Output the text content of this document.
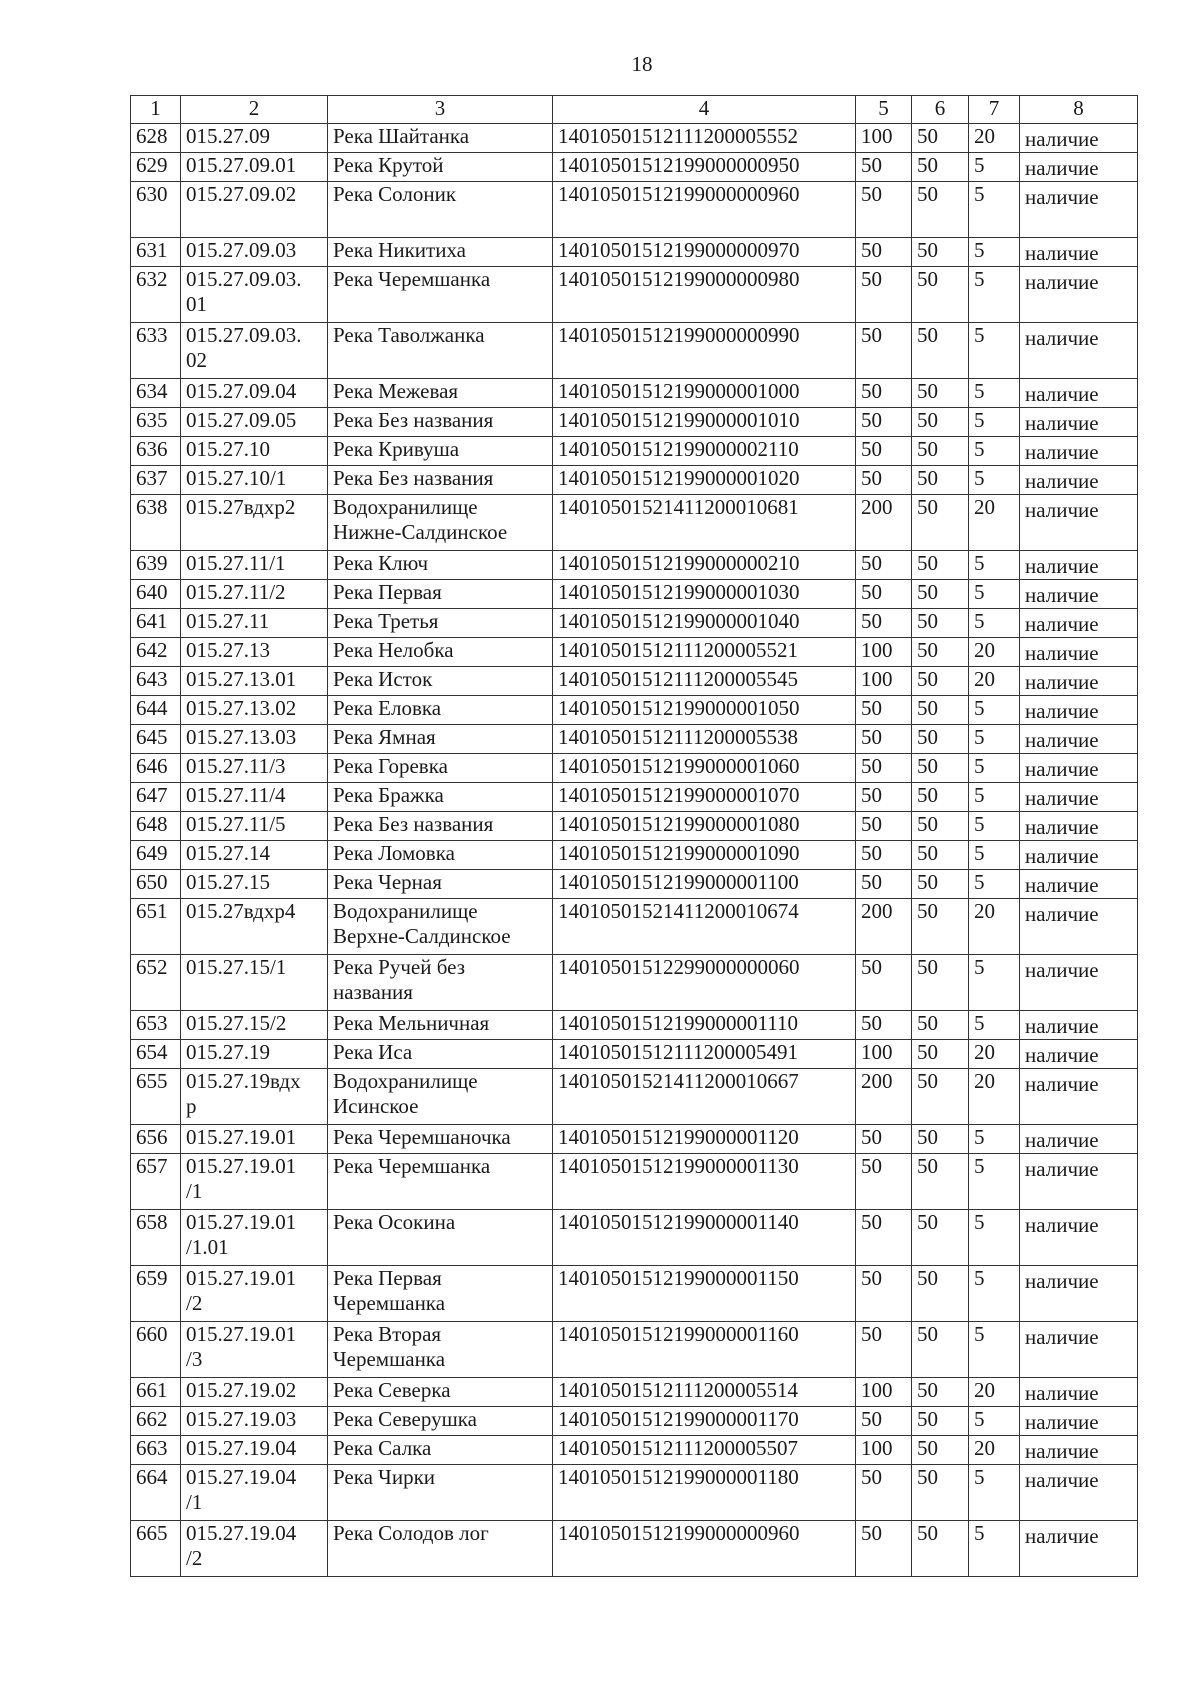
18
1	2	3	4	5	6	7	8
628	015.27.09	Река Шайтанка	14010501512111200005552	100	50	20	наличие
629	015.27.09.01	Река Крутой	14010501512199000000950	50	50	5	наличие
630	015.27.09.02	Река Солоник	14010501512199000000960	50	50	5	наличие
631	015.27.09.03	Река Никитиха	14010501512199000000970	50	50	5	наличие
632	015.27.09.03.
01	Река Черемшанка	14010501512199000000980	50	50	5	наличие
633	015.27.09.03.
02	Река Таволжанка	14010501512199000000990	50	50	5	наличие
634	015.27.09.04	Река Межевая	14010501512199000001000	50	50	5	наличие
635	015.27.09.05	Река Без названия	14010501512199000001010	50	50	5	наличие
636	015.27.10	Река Кривуша	14010501512199000002110	50	50	5	наличие
637	015.27.10/1	Река Без названия	14010501512199000001020	50	50	5	наличие
638	015.27вдхр2	Водохранилище
Нижне-Салдинское	14010501521411200010681	200	50	20	наличие
639	015.27.11/1	Река Ключ	14010501512199000000210	50	50	5	наличие
640	015.27.11/2	Река Первая	14010501512199000001030	50	50	5	наличие
641	015.27.11	Река Третья	14010501512199000001040	50	50	5	наличие
642	015.27.13	Река Нелобка	14010501512111200005521	100	50	20	наличие
643	015.27.13.01	Река Исток	14010501512111200005545	100	50	20	наличие
644	015.27.13.02	Река Еловка	14010501512199000001050	50	50	5	наличие
645	015.27.13.03	Река Ямная	14010501512111200005538	50	50	5	наличие
646	015.27.11/3	Река Горевка	14010501512199000001060	50	50	5	наличие
647	015.27.11/4	Река Бражка	14010501512199000001070	50	50	5	наличие
648	015.27.11/5	Река Без названия	14010501512199000001080	50	50	5	наличие
649	015.27.14	Река Ломовка	14010501512199000001090	50	50	5	наличие
650	015.27.15	Река Черная	14010501512199000001100	50	50	5	наличие
651	015.27вдхр4	Водохранилище
Верхне-Салдинское	14010501521411200010674	200	50	20	наличие
652	015.27.15/1	Река Ручей без
названия	14010501512299000000060	50	50	5	наличие
653	015.27.15/2	Река Мельничная	14010501512199000001110	50	50	5	наличие
654	015.27.19	Река Иса	14010501512111200005491	100	50	20	наличие
655	015.27.19вдх
р	Водохранилище
Исинское	14010501521411200010667	200	50	20	наличие
656	015.27.19.01	Река Черемшаночка	14010501512199000001120	50	50	5	наличие
657	015.27.19.01
/1	Река Черемшанка	14010501512199000001130	50	50	5	наличие
658	015.27.19.01
/1.01	Река Осокина	14010501512199000001140	50	50	5	наличие
659	015.27.19.01
/2	Река Первая
Черемшанка	14010501512199000001150	50	50	5	наличие
660	015.27.19.01
/3	Река Вторая
Черемшанка	14010501512199000001160	50	50	5	наличие
661	015.27.19.02	Река Северка	14010501512111200005514	100	50	20	наличие
662	015.27.19.03	Река Северушка	14010501512199000001170	50	50	5	наличие
663	015.27.19.04	Река Салка	14010501512111200005507	100	50	20	наличие
664	015.27.19.04
/1	Река Чирки	14010501512199000001180	50	50	5	наличие
665	015.27.19.04
/2	Река Солодов лог	14010501512199000000960	50	50	5	наличие
